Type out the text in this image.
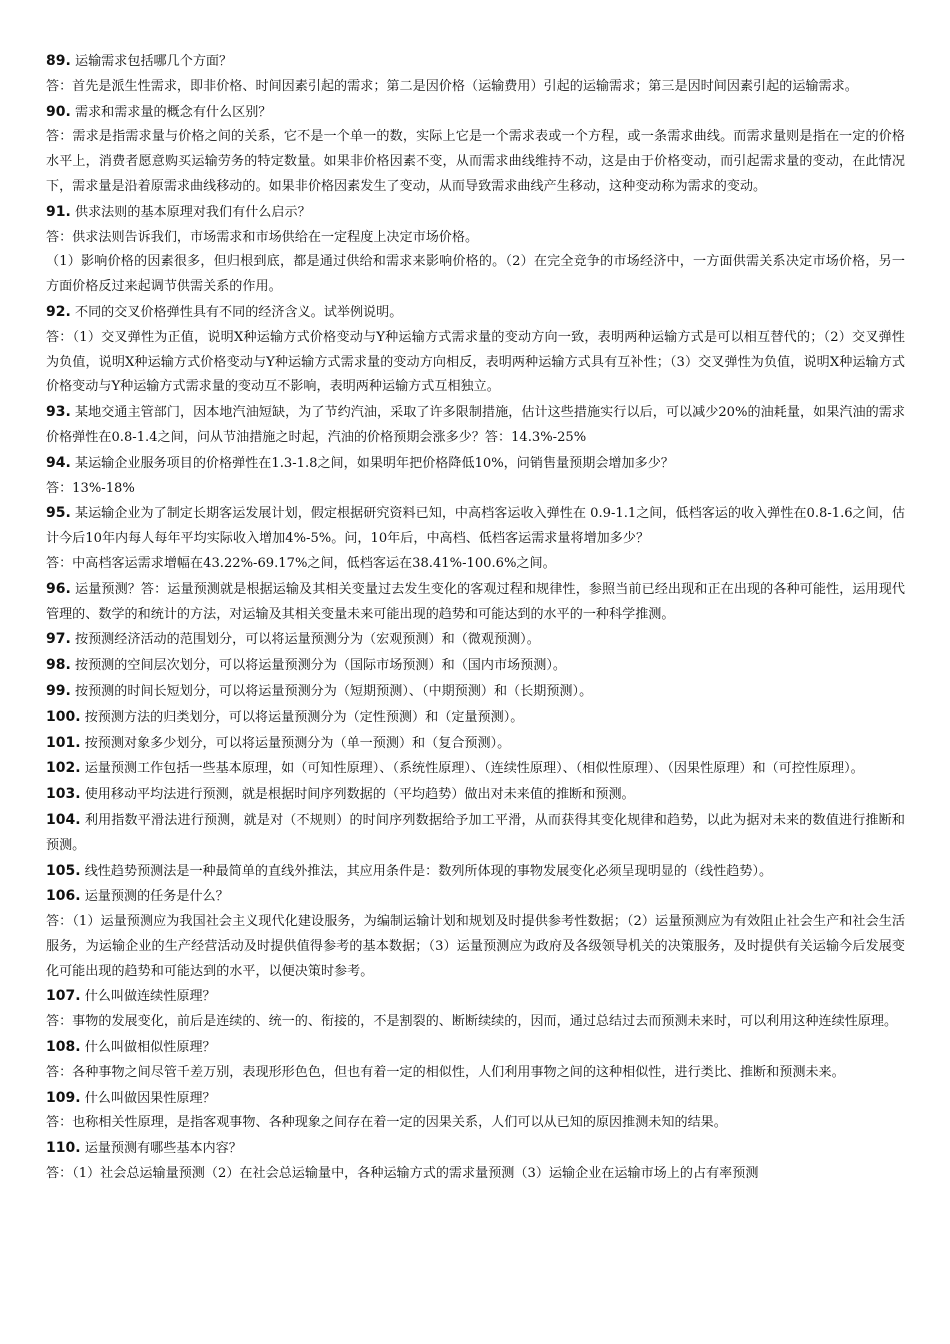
89. 运输需求包括哪几个方面？

答：首先是派生性需求，即非价格、时间因素引起的需求；第二是因价格（运输费用）引起的运输需求；第三是因时间因素引起的运输需求。

90. 需求和需求量的概念有什么区别？

答：需求是指需求量与价格之间的关系，它不是一个单一的数，实际上它是一个需求表或一个方程，或一条需求曲线。而需求量则是指在一定的价格水平上，消费者愿意购买运输劳务的特定数量。如果非价格因素不变，从而需求曲线维持不动，这是由于价格变动，而引起需求量的变动，在此情况下，需求量是沿着原需求曲线移动的。如果非价格因素发生了变动，从而导致需求曲线产生移动，这种变动称为需求的变动。

91. 供求法则的基本原理对我们有什么启示？

答：供求法则告诉我们，市场需求和市场供给在一定程度上决定市场价格。

（1）影响价格的因素很多，但归根到底，都是通过供给和需求来影响价格的。（2）在完全竞争的市场经济中，一方面供需关系决定市场价格，另一方面价格反过来起调节供需关系的作用。

92. 不同的交叉价格弹性具有不同的经济含义。试举例说明。

答：（1）交叉弹性为正值，说明X种运输方式价格变动与Y种运输方式需求量的变动方向一致，表明两种运输方式是可以相互替代的；（2）交叉弹性为负值，说明X种运输方式价格变动与Y种运输方式需求量的变动方向相反，表明两种运输方式具有互补性；（3）交叉弹性为负值，说明X种运输方式价格变动与Y种运输方式需求量的变动互不影响，表明两种运输方式互相独立。

93. 某地交通主管部门，因本地汽油短缺，为了节约汽油，采取了许多限制措施，估计这些措施实行以后，可以减少20%的油耗量，如果汽油的需求价格弹性在0.8-1.4之间，问从节油措施之时起，汽油的价格预期会涨多少？答：14.3%-25%

94. 某运输企业服务项目的价格弹性在1.3-1.8之间，如果明年把价格降低10%，问销售量预期会增加多少？

答：13%-18%

95. 某运输企业为了制定长期客运发展计划，假定根据研究资料已知，中高档客运收入弹性在 0.9-1.1之间，低档客运的收入弹性在0.8-1.6之间，估计今后10年内每人每年平均实际收入增加4%-5%。问，10年后，中高档、低档客运需求量将增加多少？

答：中高档客运需求增幅在43.22%-69.17%之间，低档客运在38.41%-100.6%之间。

96. 运量预测？答：运量预测就是根据运输及其相关变量过去发生变化的客观过程和规律性，参照当前已经出现和正在出现的各种可能性，运用现代管理的、数学的和统计的方法，对运输及其相关变量未来可能出现的趋势和可能达到的水平的一种科学推测。

97. 按预测经济活动的范围划分，可以将运量预测分为（宏观预测）和（微观预测）。

98. 按预测的空间层次划分，可以将运量预测分为（国际市场预测）和（国内市场预测）。

99. 按预测的时间长短划分，可以将运量预测分为（短期预测）、（中期预测）和（长期预测）。

100. 按预测方法的归类划分，可以将运量预测分为（定性预测）和（定量预测）。

101. 按预测对象多少划分，可以将运量预测分为（单一预测）和（复合预测）。

102. 运量预测工作包括一些基本原理，如（可知性原理）、（系统性原理）、（连续性原理）、（相似性原理）、（因果性原理）和（可控性原理）。

103. 使用移动平均法进行预测，就是根据时间序列数据的（平均趋势）做出对未来值的推断和预测。

104. 利用指数平滑法进行预测，就是对（不规则）的时间序列数据给予加工平滑，从而获得其变化规律和趋势，以此为据对未来的数值进行推断和预测。

105. 线性趋势预测法是一种最简单的直线外推法，其应用条件是：数列所体现的事物发展变化必须呈现明显的（线性趋势）。

106. 运量预测的任务是什么？

答：（1）运量预测应为我国社会主义现代化建设服务，为编制运输计划和规划及时提供参考性数据；（2）运量预测应为有效阻止社会生产和社会生活服务，为运输企业的生产经营活动及时提供值得参考的基本数据；（3）运量预测应为政府及各级领导机关的决策服务，及时提供有关运输今后发展变化可能出现的趋势和可能达到的水平，以便决策时参考。

107. 什么叫做连续性原理？

答：事物的发展变化，前后是连续的、统一的、衔接的，不是割裂的、断断续续的，因而，通过总结过去而预测未来时，可以利用这种连续性原理。

108. 什么叫做相似性原理？

答：各种事物之间尽管千差万别，表现形形色色，但也有着一定的相似性，人们利用事物之间的这种相似性，进行类比、推断和预测未来。

109. 什么叫做因果性原理？

答：也称相关性原理，是指客观事物、各种现象之间存在着一定的因果关系，人们可以从已知的原因推测未知的结果。

110. 运量预测有哪些基本内容？

答：（1）社会总运输量预测（2）在社会总运输量中，各种运输方式的需求量预测（3）运输企业在运输市场上的占有率预测
